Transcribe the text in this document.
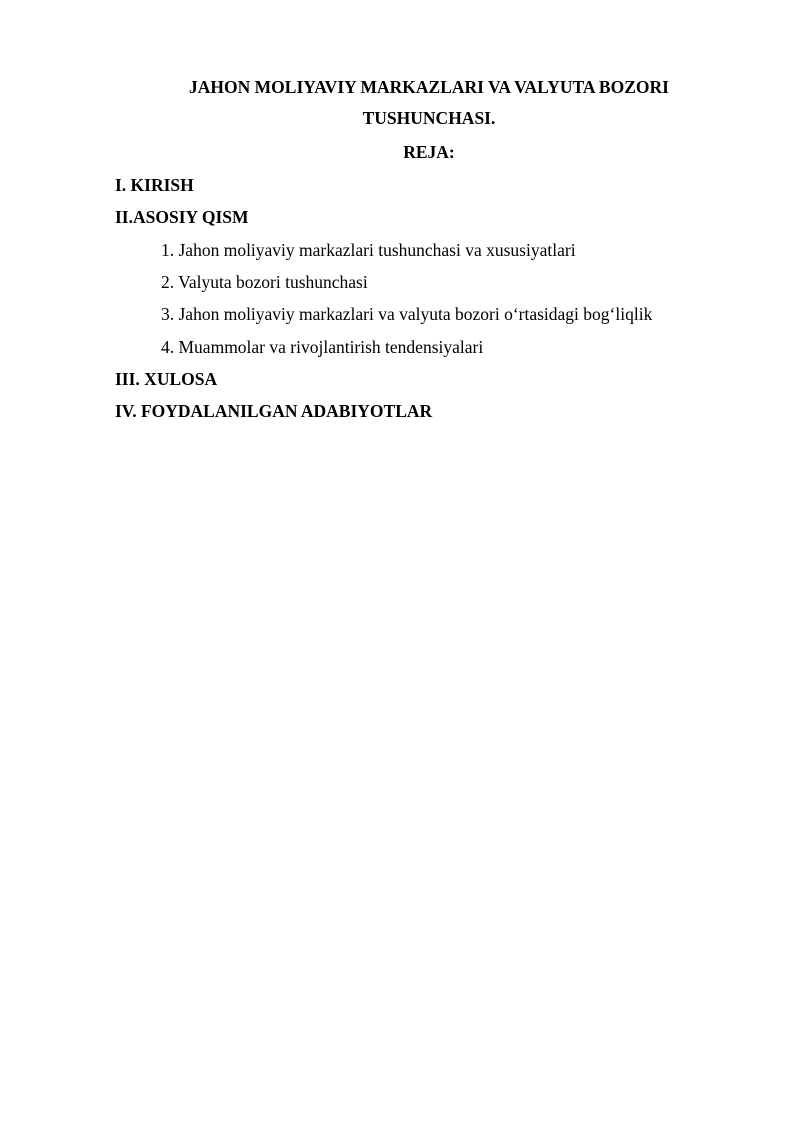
JAHON MOLIYAVIY MARKAZLARI VA VALYUTA BOZORI
TUSHUNCHASI.
REJA:
I. KIRISH
II.ASOSIY QISM
1. Jahon moliyaviy markazlari tushunchasi va xususiyatlari
2. Valyuta bozori tushunchasi
3. Jahon moliyaviy markazlari va valyuta bozori o‘rtasidagi bog‘liqlik
4. Muammolar va rivojlantirish tendensiyalari
III. XULOSA
IV. FOYDALANILGAN ADABIYOTLAR
